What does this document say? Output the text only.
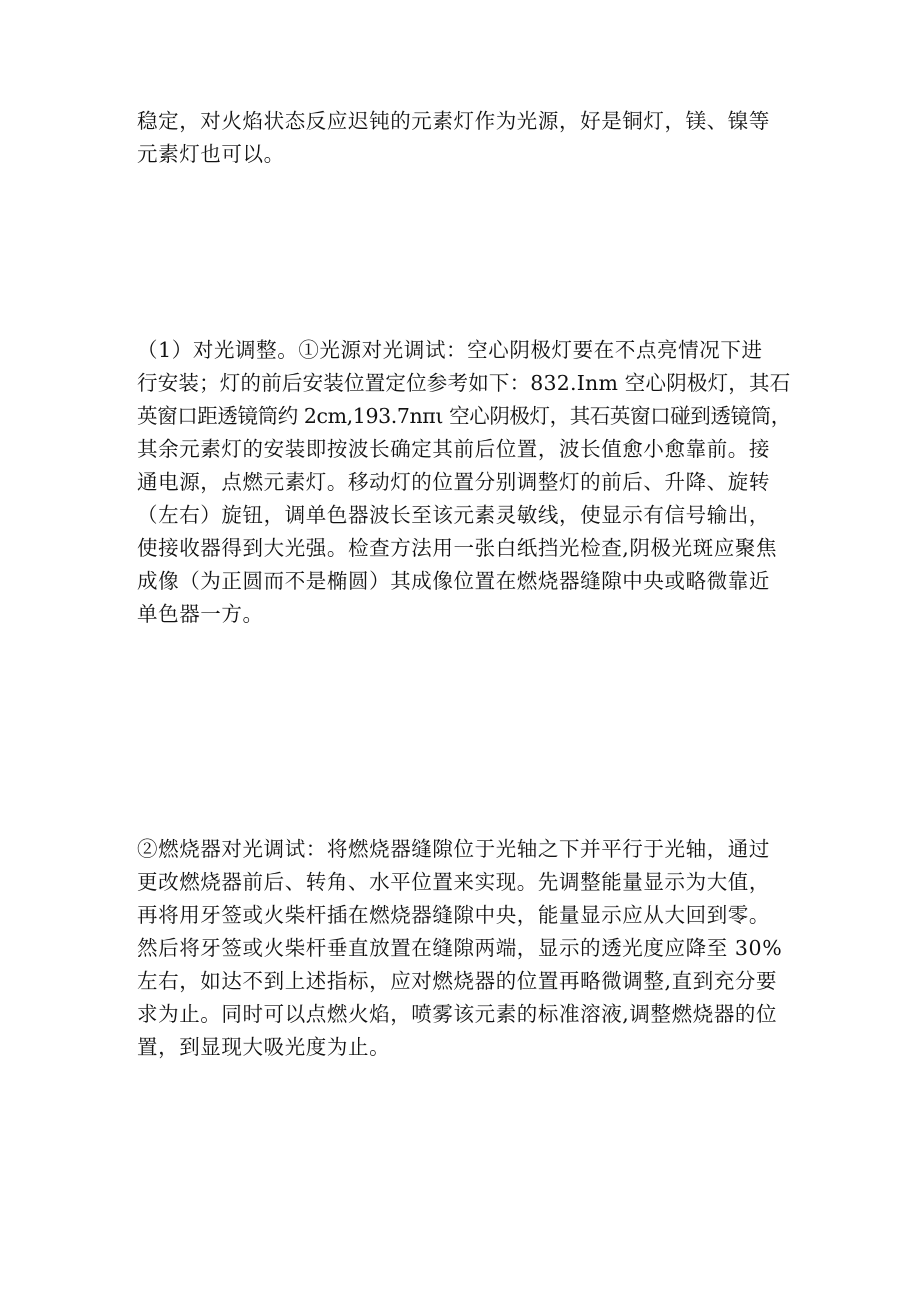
稳定，对火焰状态反应迟钝的元素灯作为光源，好是铜灯，镁、镍等
元素灯也可以。

（1）对光调整。①光源对光调试：空心阴极灯要在不点亮情况下进
行安装；灯的前后安装位置定位参考如下：832.Inm 空心阴极灯，其石
英窗口距透镜筒约 2cm,193.7nπι 空心阴极灯，其石英窗口碰到透镜筒，
其余元素灯的安装即按波长确定其前后位置，波长值愈小愈靠前。接
通电源，点燃元素灯。移动灯的位置分别调整灯的前后、升降、旋转
（左右）旋钮，调单色器波长至该元素灵敏线，使显示有信号输出，
使接收器得到大光强。检查方法用一张白纸挡光检查,阴极光斑应聚焦
成像（为正圆而不是椭圆）其成像位置在燃烧器缝隙中央或略微靠近
单色器一方。

②燃烧器对光调试：将燃烧器缝隙位于光轴之下并平行于光轴，通过
更改燃烧器前后、转角、水平位置来实现。先调整能量显示为大值，
再将用牙签或火柴杆插在燃烧器缝隙中央，能量显示应从大回到零。
然后将牙签或火柴杆垂直放置在缝隙两端，显示的透光度应降至 30%
左右，如达不到上述指标，应对燃烧器的位置再略微调整,直到充分要
求为止。同时可以点燃火焰，喷雾该元素的标准溶液,调整燃烧器的位
置，到显现大吸光度为止。
